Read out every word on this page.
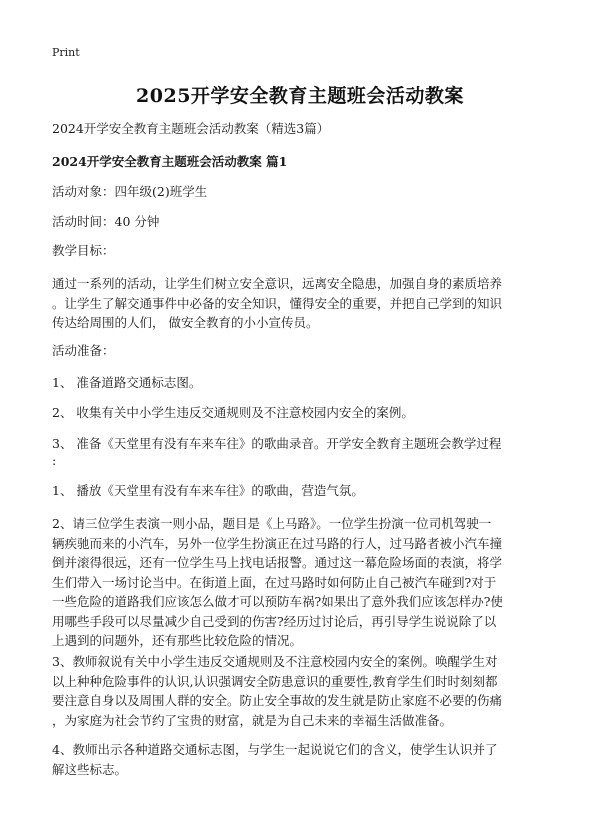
Print
2025开学安全教育主题班会活动教案
2024开学安全教育主题班会活动教案（精选3篇）
2024开学安全教育主题班会活动教案 篇1
活动对象：四年级(2)班学生
活动时间：40 分钟
教学目标：
通过一系列的活动，让学生们树立安全意识，远离安全隐患，加强自身的素质培养
。让学生了解交通事件中必备的安全知识，懂得安全的重要，并把自己学到的知识
传达给周围的人们， 做安全教育的小小宣传员。
活动准备：
1、 准备道路交通标志图。
2、 收集有关中小学生违反交通规则及不注意校园内安全的案例。
3、 准备《天堂里有没有车来车往》的歌曲录音。开学安全教育主题班会教学过程
:
1、 播放《天堂里有没有车来车往》的歌曲，营造气氛。
2、请三位学生表演一则小品，题目是《上马路》。一位学生扮演一位司机驾驶一
辆疾驰而来的小汽车，另外一位学生扮演正在过马路的行人，过马路者被小汽车撞
倒并滚得很远，还有一位学生马上找电话报警。通过这一幕危险场面的表演，将学
生们带入一场讨论当中。在街道上面，在过马路时如何防止自己被汽车碰到?对于
一些危险的道路我们应该怎么做才可以预防车祸?如果出了意外我们应该怎样办?使
用哪些手段可以尽量减少自己受到的伤害?经历过讨论后，再引导学生说说除了以
上遇到的问题外，还有那些比较危险的情况。
3、教师叙说有关中小学生违反交通规则及不注意校园内安全的案例。唤醒学生对
以上种种危险事件的认识,认识强调安全防患意识的重要性,教育学生们时时刻刻都
要注意自身以及周围人群的安全。防止安全事故的发生就是防止家庭不必要的伤痛
，为家庭为社会节约了宝贵的财富，就是为自己未来的幸福生活做准备。
4、教师出示各种道路交通标志图，与学生一起说说它们的含义，使学生认识并了
解这些标志。
